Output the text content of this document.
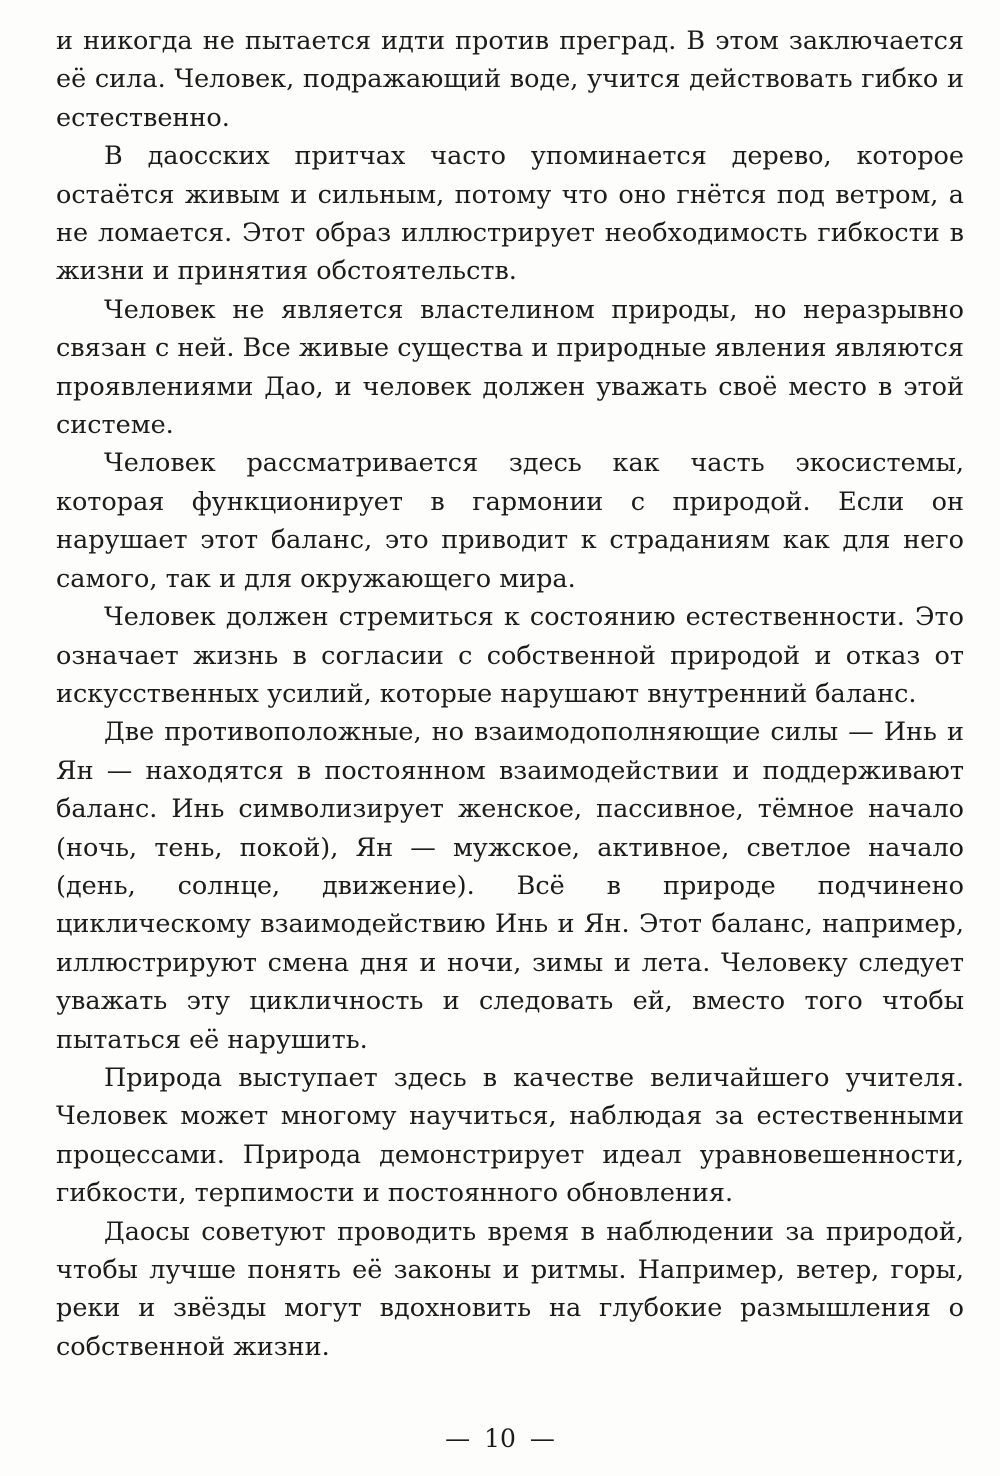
и никогда не пытается идти против преград. В этом заключается её сила. Человек, подражающий воде, учится действовать гибко и естественно.

В даосских притчах часто упоминается дерево, которое остаётся живым и сильным, потому что оно гнётся под ветром, а не ломается. Этот образ иллюстрирует необходимость гибкости в жизни и принятия обстоятельств.

Человек не является властелином природы, но неразрывно связан с ней. Все живые существа и природные явления являются проявлениями Дао, и человек должен уважать своё место в этой системе.

Человек рассматривается здесь как часть экосистемы, которая функционирует в гармонии с природой. Если он нарушает этот баланс, это приводит к страданиям как для него самого, так и для окружающего мира.

Человек должен стремиться к состоянию естественности. Это означает жизнь в согласии с собственной природой и отказ от искусственных усилий, которые нарушают внутренний баланс.

Две противоположные, но взаимодополняющие силы — Инь и Ян — находятся в постоянном взаимодействии и поддерживают баланс. Инь символизирует женское, пассивное, тёмное начало (ночь, тень, покой), Ян — мужское, активное, светлое начало (день, солнце, движение). Всё в природе подчинено циклическому взаимодействию Инь и Ян. Этот баланс, например, иллюстрируют смена дня и ночи, зимы и лета. Человеку следует уважать эту цикличность и следовать ей, вместо того чтобы пытаться её нарушить.

Природа выступает здесь в качестве величайшего учителя. Человек может многому научиться, наблюдая за естественными процессами. Природа демонстрирует идеал уравновешенности, гибкости, терпимости и постоянного обновления.

Даосы советуют проводить время в наблюдении за природой, чтобы лучше понять её законы и ритмы. Например, ветер, горы, реки и звёзды могут вдохновить на глубокие размышления о собственной жизни.

— 10 —
